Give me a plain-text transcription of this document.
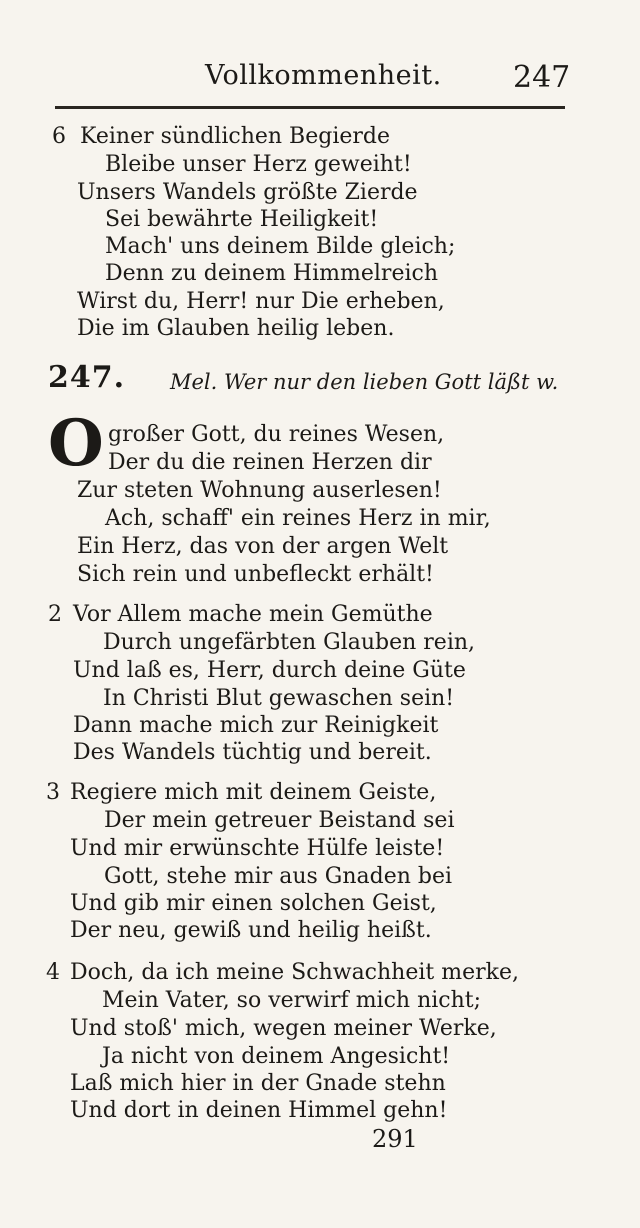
Vollkommenheit. 247
6 Keiner sündlichen Begierde
Bleibe unser Herz geweiht!
Unsers Wandels größte Zierde
Sei bewährte Heiligkeit!
Mach' uns deinem Bilde gleich;
Denn zu deinem Himmelreich
Wirst du, Herr! nur Die erheben,
Die im Glauben heilig leben.
247. Mel. Wer nur den lieben Gott läßt w.
O großer Gott, du reines Wesen,
Der du die reinen Herzen dir
Zur steten Wohnung auserlesen!
Ach, schaff' ein reines Herz in mir,
Ein Herz, das von der argen Welt
Sich rein und unbefleckt erhält!
2 Vor Allem mache mein Gemüthe
Durch ungefärbten Glauben rein,
Und laß es, Herr, durch deine Güte
In Christi Blut gewaschen sein!
Dann mache mich zur Reinigkeit
Des Wandels tüchtig und bereit.
3 Regiere mich mit deinem Geiste,
Der mein getreuer Beistand sei
Und mir erwünschte Hülfe leiste!
Gott, stehe mir aus Gnaden bei
Und gib mir einen solchen Geist,
Der neu, gewiß und heilig heißt.
4 Doch, da ich meine Schwachheit merke,
Mein Vater, so verwirf mich nicht;
Und stoß' mich, wegen meiner Werke,
Ja nicht von deinem Angesicht!
Laß mich hier in der Gnade stehn
Und dort in deinen Himmel gehn!
291
